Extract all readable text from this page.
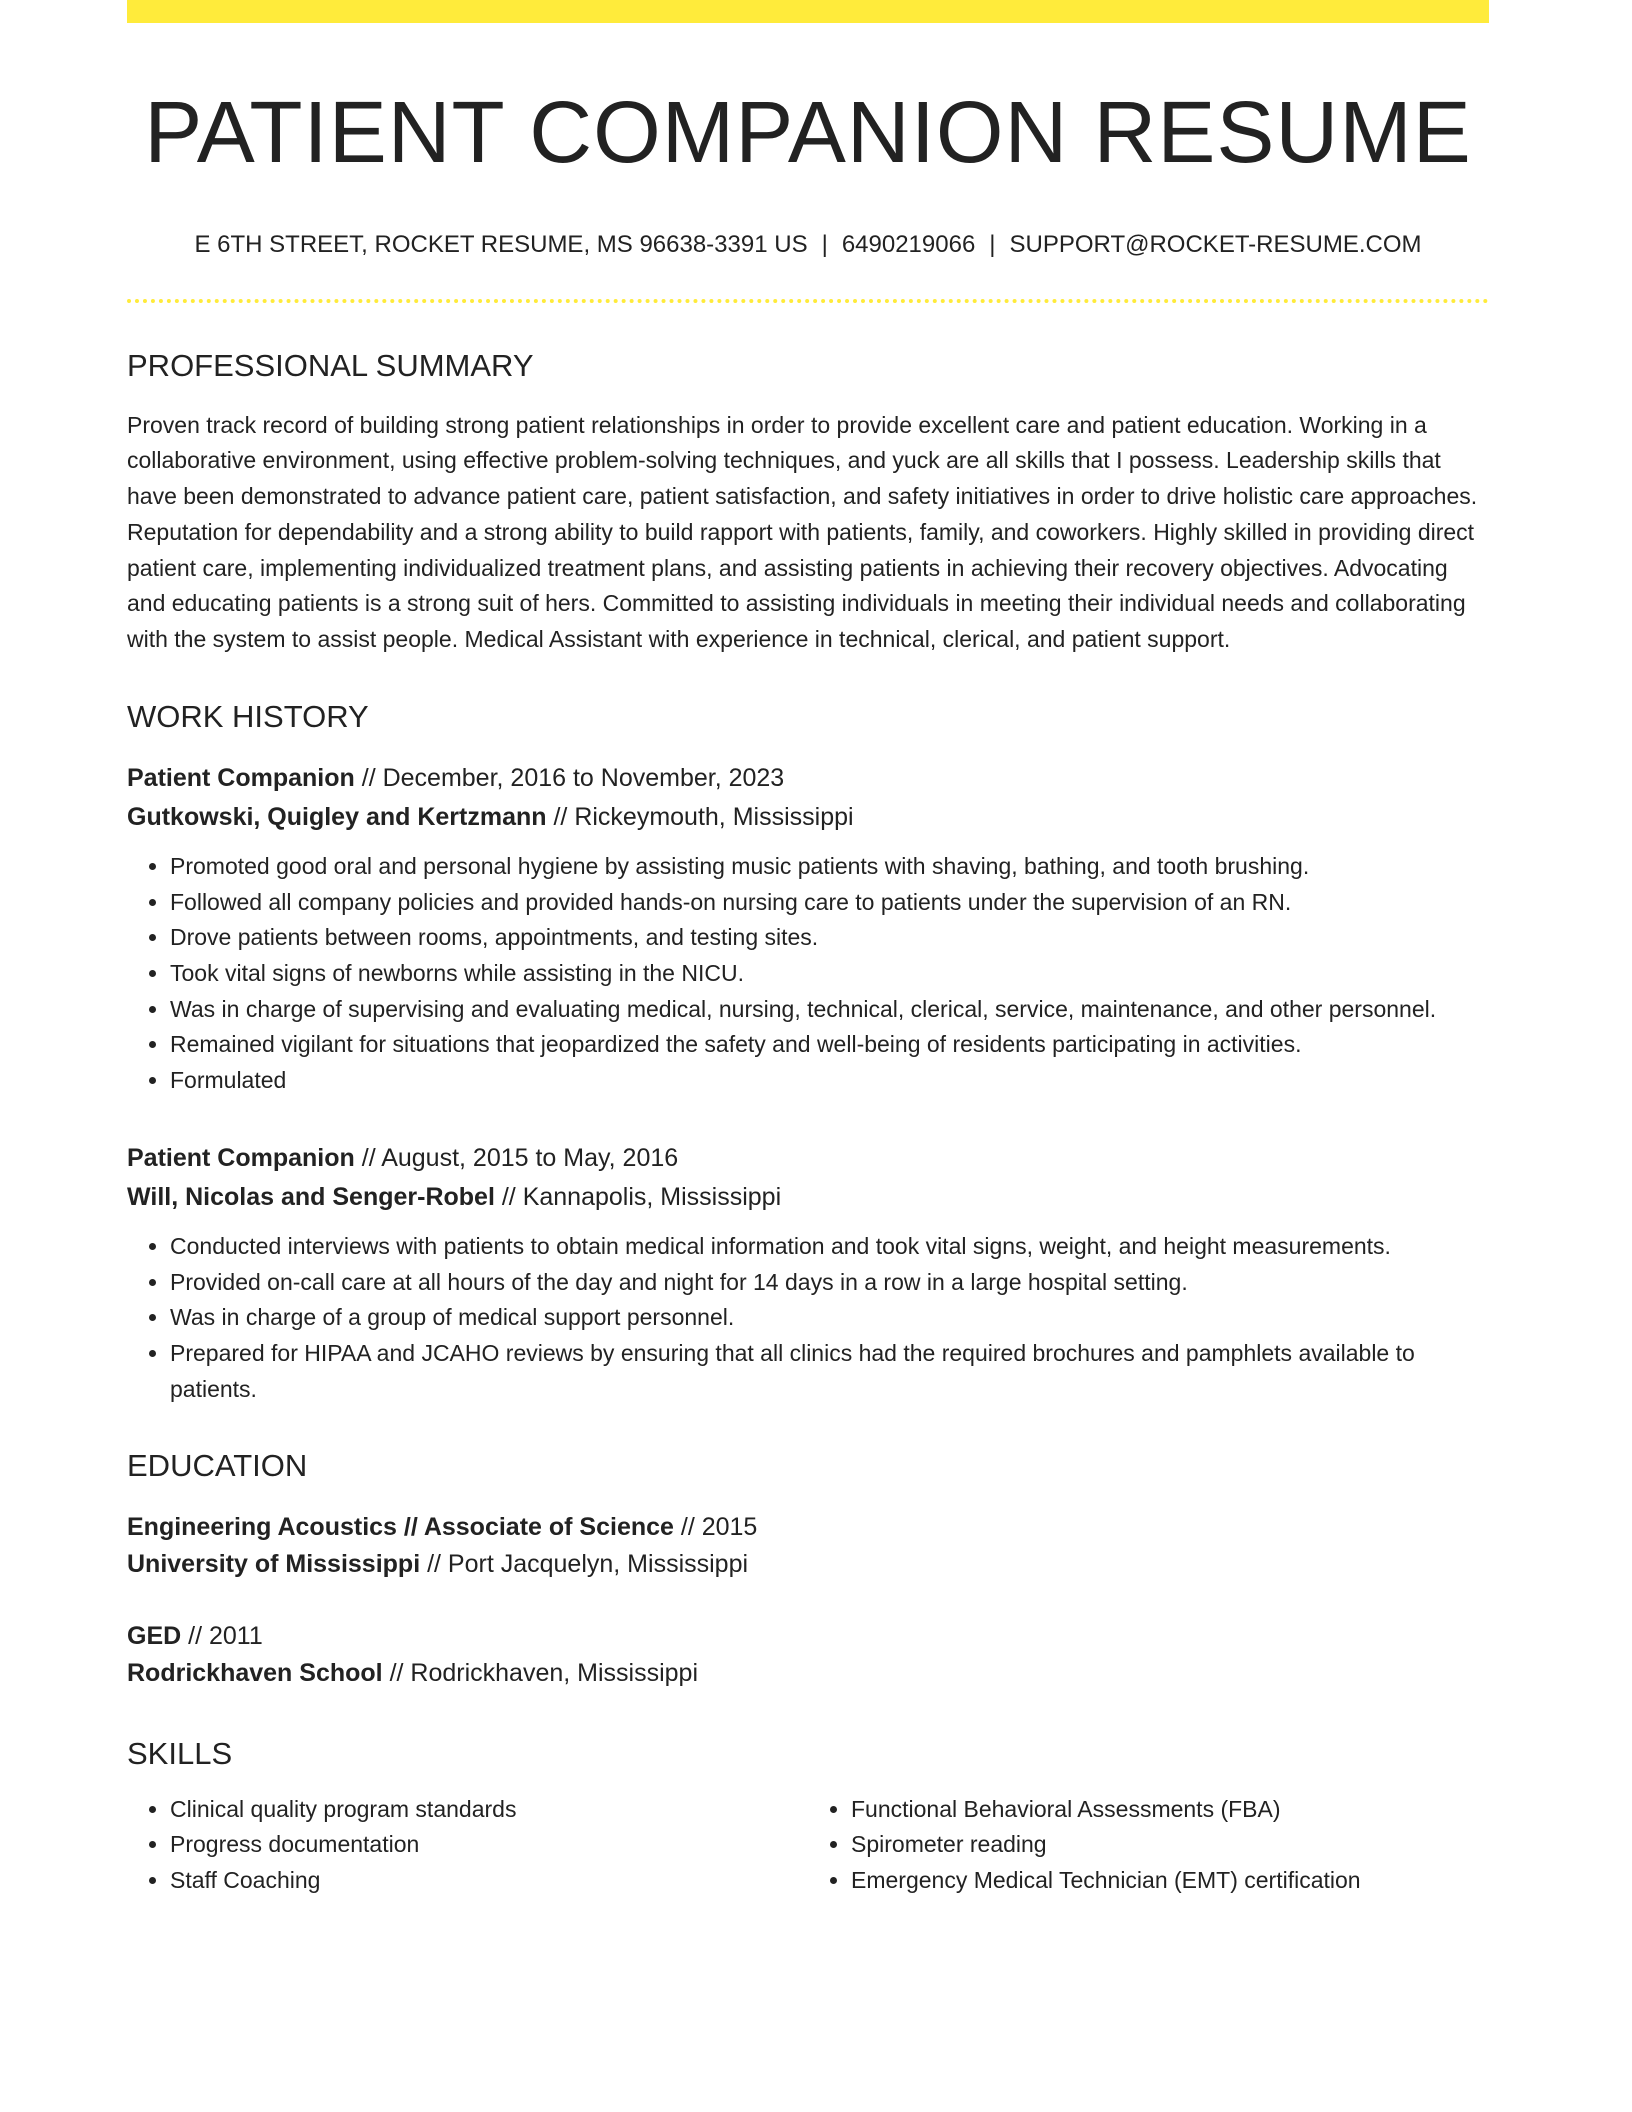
PATIENT COMPANION RESUME
E 6TH STREET, ROCKET RESUME, MS 96638-3391 US | 6490219066 | SUPPORT@ROCKET-RESUME.COM
PROFESSIONAL SUMMARY
Proven track record of building strong patient relationships in order to provide excellent care and patient education. Working in a collaborative environment, using effective problem-solving techniques, and yuck are all skills that I possess. Leadership skills that have been demonstrated to advance patient care, patient satisfaction, and safety initiatives in order to drive holistic care approaches. Reputation for dependability and a strong ability to build rapport with patients, family, and coworkers. Highly skilled in providing direct patient care, implementing individualized treatment plans, and assisting patients in achieving their recovery objectives. Advocating and educating patients is a strong suit of hers. Committed to assisting individuals in meeting their individual needs and collaborating with the system to assist people. Medical Assistant with experience in technical, clerical, and patient support.
WORK HISTORY
Patient Companion // December, 2016 to November, 2023
Gutkowski, Quigley and Kertzmann // Rickeymouth, Mississippi
• Promoted good oral and personal hygiene by assisting music patients with shaving, bathing, and tooth brushing.
• Followed all company policies and provided hands-on nursing care to patients under the supervision of an RN.
• Drove patients between rooms, appointments, and testing sites.
• Took vital signs of newborns while assisting in the NICU.
• Was in charge of supervising and evaluating medical, nursing, technical, clerical, service, maintenance, and other personnel.
• Remained vigilant for situations that jeopardized the safety and well-being of residents participating in activities.
• Formulated
Patient Companion // August, 2015 to May, 2016
Will, Nicolas and Senger-Robel // Kannapolis, Mississippi
• Conducted interviews with patients to obtain medical information and took vital signs, weight, and height measurements.
• Provided on-call care at all hours of the day and night for 14 days in a row in a large hospital setting.
• Was in charge of a group of medical support personnel.
• Prepared for HIPAA and JCAHO reviews by ensuring that all clinics had the required brochures and pamphlets available to patients.
EDUCATION
Engineering Acoustics // Associate of Science // 2015
University of Mississippi // Port Jacquelyn, Mississippi
GED // 2011
Rodrickhaven School // Rodrickhaven, Mississippi
SKILLS
• Clinical quality program standards
• Progress documentation
• Staff Coaching
• Functional Behavioral Assessments (FBA)
• Spirometer reading
• Emergency Medical Technician (EMT) certification
